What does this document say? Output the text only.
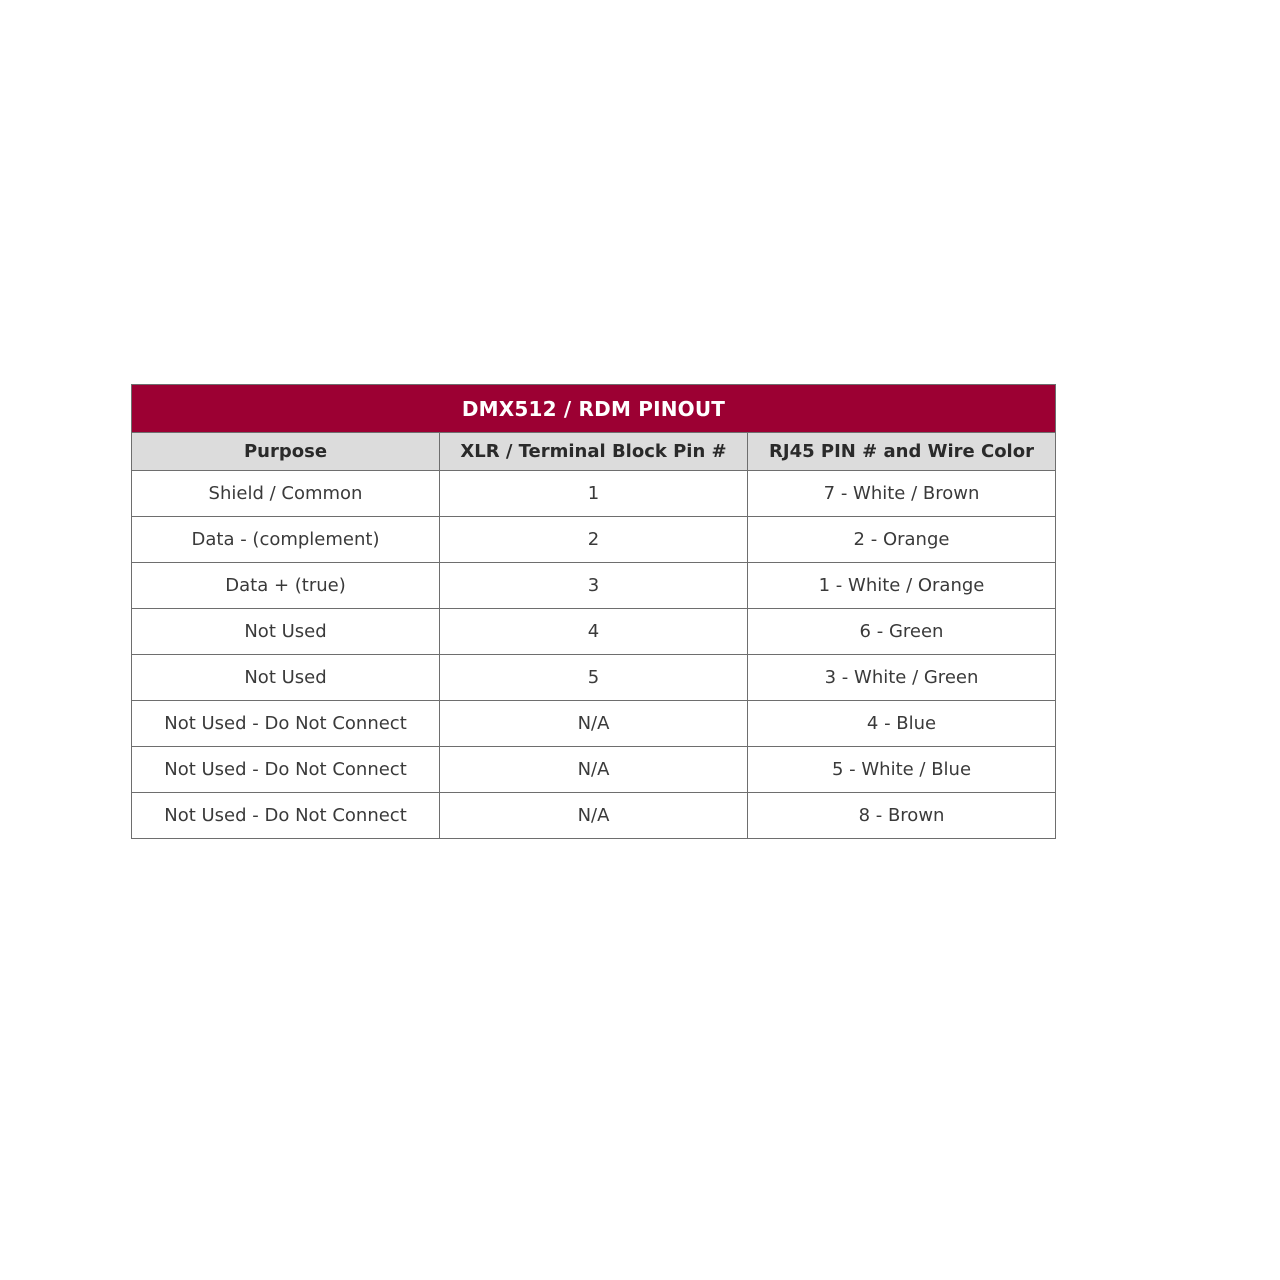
DMX512 / RDM PINOUT		
Purpose	XLR / Terminal Block Pin #	RJ45 PIN # and Wire Color
Shield / Common	1	7 - White / Brown
Data - (complement)	2	2 - Orange
Data + (true)	3	1 - White / Orange
Not Used	4	6 - Green
Not Used	5	3 - White / Green
Not Used - Do Not Connect	N/A	4 - Blue
Not Used - Do Not Connect	N/A	5 - White / Blue
Not Used - Do Not Connect	N/A	8 - Brown
